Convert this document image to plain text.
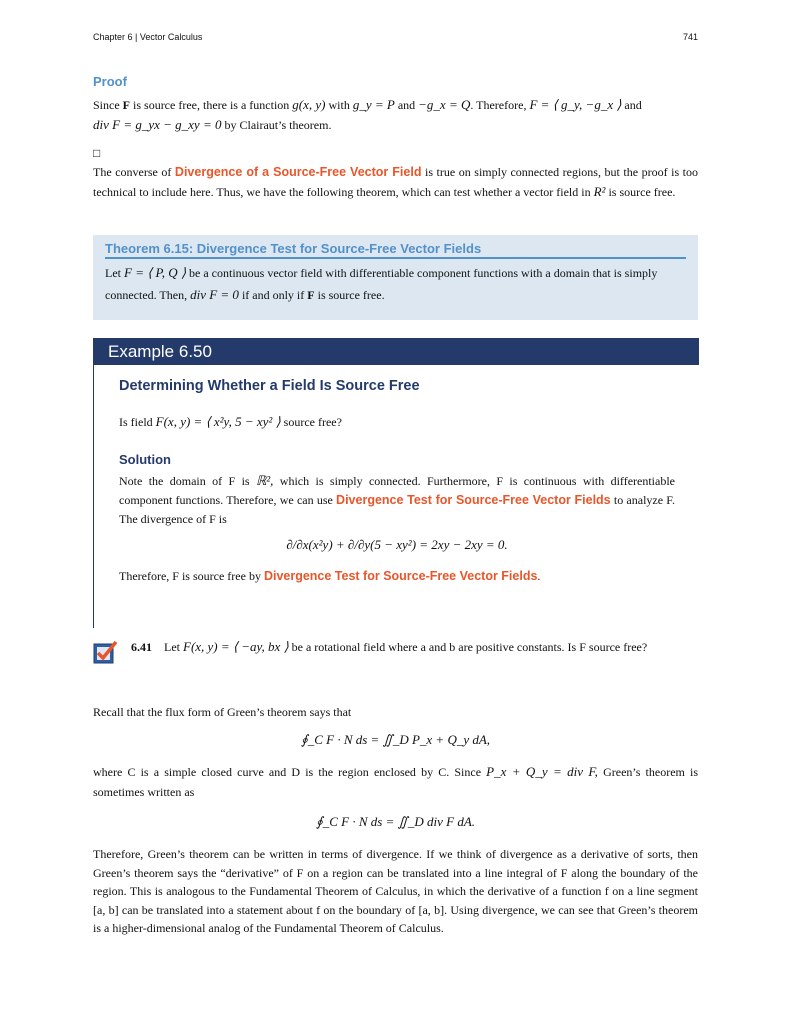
Chapter 6 | Vector Calculus	741
Proof
Since F is source free, there is a function g(x, y) with g_y = P and −g_x = Q. Therefore, F = ⟨ g_y, −g_x ⟩ and
div F = g_yx − g_xy = 0 by Clairaut’s theorem.
□
The converse of Divergence of a Source-Free Vector Field is true on simply connected regions, but the proof is too technical to include here. Thus, we have the following theorem, which can test whether a vector field in R² is source free.
Theorem 6.15: Divergence Test for Source-Free Vector Fields
Let F = ⟨ P, Q ⟩ be a continuous vector field with differentiable component functions with a domain that is simply connected. Then, div F = 0 if and only if F is source free.
Example 6.50
Determining Whether a Field Is Source Free
Is field F(x, y) = ⟨ x²y, 5 − xy² ⟩ source free?
Solution
Note the domain of F is ℝ², which is simply connected. Furthermore, F is continuous with differentiable component functions. Therefore, we can use Divergence Test for Source-Free Vector Fields to analyze F. The divergence of F is
∂/∂x(x²y) + ∂/∂y(5 − xy²) = 2xy − 2xy = 0.
Therefore, F is source free by Divergence Test for Source-Free Vector Fields.
6.41 Let F(x, y) = ⟨ −ay, bx ⟩ be a rotational field where a and b are positive constants. Is F source free?
Recall that the flux form of Green’s theorem says that
∮_C F · N ds = ∬_D P_x + Q_y dA,
where C is a simple closed curve and D is the region enclosed by C. Since P_x + Q_y = div F, Green’s theorem is sometimes written as
∮_C F · N ds = ∬_D div F dA.
Therefore, Green’s theorem can be written in terms of divergence. If we think of divergence as a derivative of sorts, then Green’s theorem says the “derivative” of F on a region can be translated into a line integral of F along the boundary of the region. This is analogous to the Fundamental Theorem of Calculus, in which the derivative of a function f on a line segment [a, b] can be translated into a statement about f on the boundary of [a, b]. Using divergence, we can see that Green’s theorem is a higher-dimensional analog of the Fundamental Theorem of Calculus.
